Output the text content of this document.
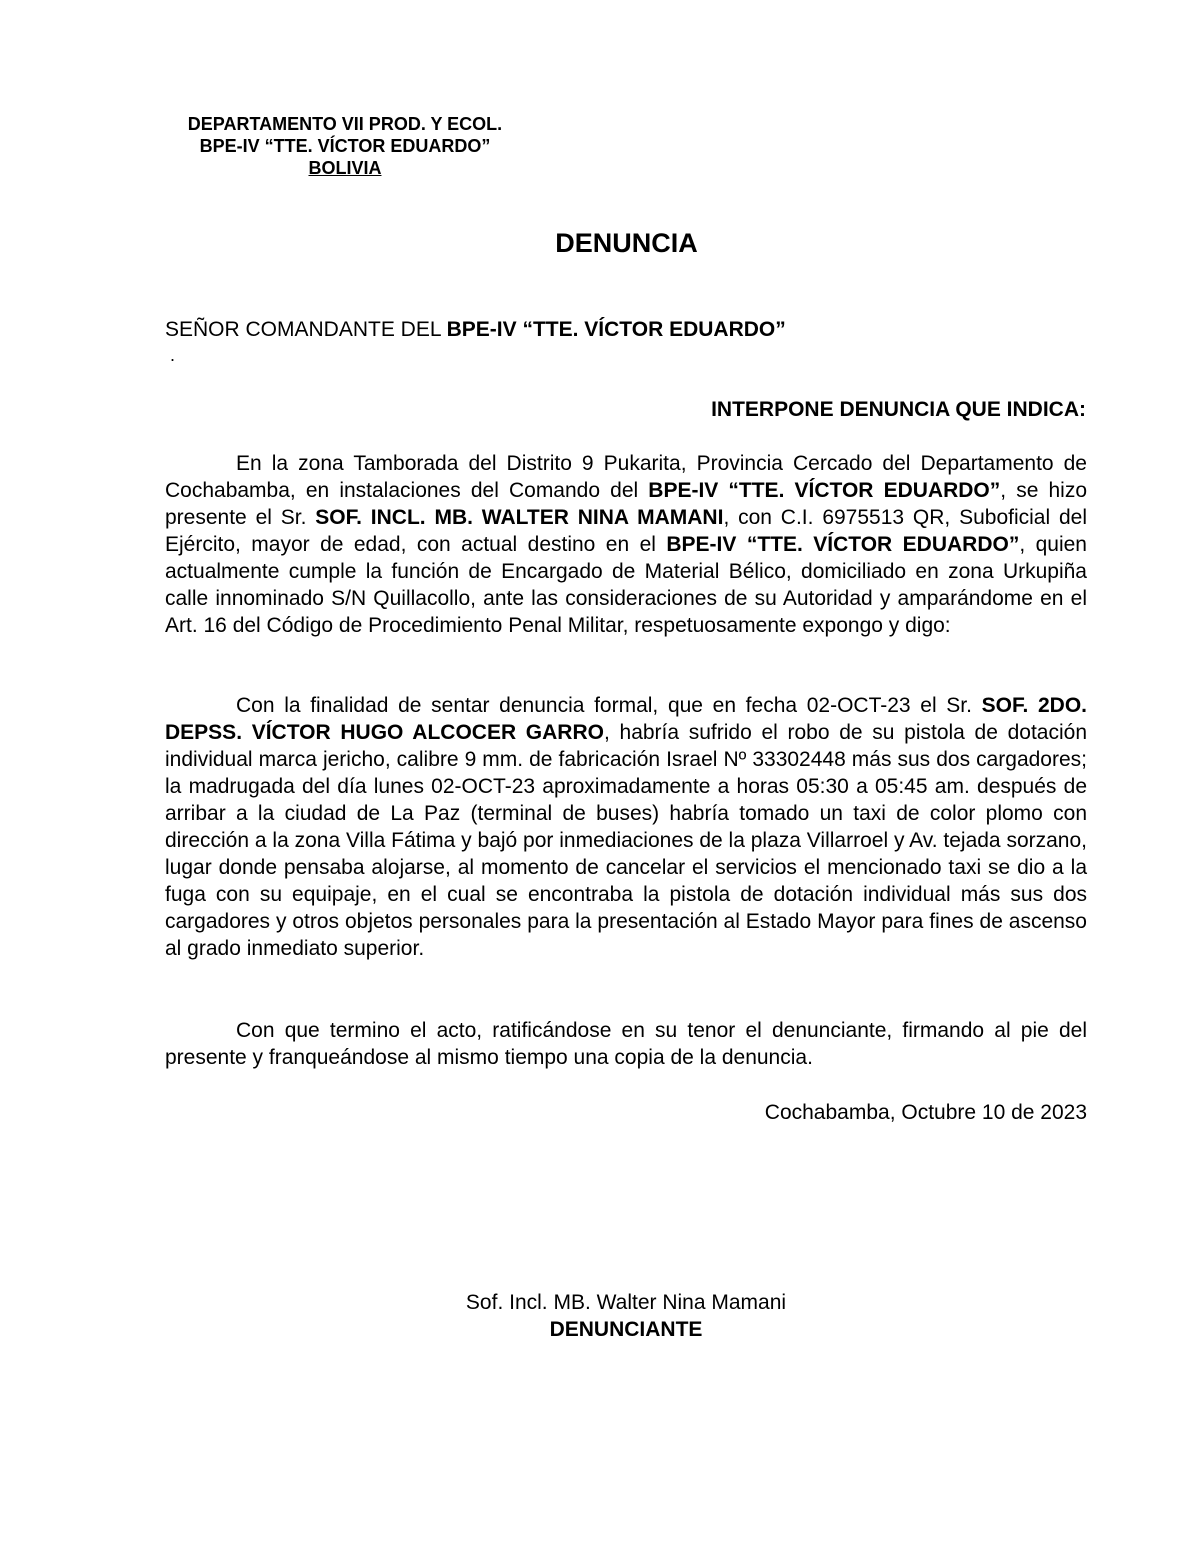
DEPARTAMENTO VII PROD. Y ECOL.
BPE-IV “TTE. VÍCTOR EDUARDO”
BOLIVIA
DENUNCIA
SEÑOR COMANDANTE DEL BPE-IV “TTE. VÍCTOR EDUARDO”
.
INTERPONE DENUNCIA QUE INDICA:

En la zona Tamborada del Distrito 9 Pukarita, Provincia Cercado del Departamento de Cochabamba, en instalaciones del Comando del BPE-IV “TTE. VÍCTOR EDUARDO”, se hizo presente el Sr. SOF. INCL. MB. WALTER NINA MAMANI, con C.I. 6975513 QR, Suboficial del Ejército, mayor de edad, con actual destino en el BPE-IV “TTE. VÍCTOR EDUARDO”, quien actualmente cumple la función de Encargado de Material Bélico, domiciliado en zona Urkupiña calle innominado S/N Quillacollo, ante las consideraciones de su Autoridad y amparándome en el Art. 16 del Código de Procedimiento Penal Militar, respetuosamente expongo y digo:

Con la finalidad de sentar denuncia formal, que en fecha 02-OCT-23 el Sr. SOF. 2DO. DEPSS. VÍCTOR HUGO ALCOCER GARRO, habría sufrido el robo de su pistola de dotación individual marca jericho, calibre 9 mm. de fabricación Israel Nº 33302448 más sus dos cargadores; la madrugada del día lunes 02-OCT-23 aproximadamente a horas 05:30 a 05:45 am. después de arribar a la ciudad de La Paz (terminal de buses) habría tomado un taxi de color plomo con dirección a la zona Villa Fátima y bajó por inmediaciones de la plaza Villarroel y Av. tejada sorzano, lugar donde pensaba alojarse, al momento de cancelar el servicios el mencionado taxi se dio a la fuga con su equipaje, en el cual se encontraba la pistola de dotación individual más sus dos cargadores y otros objetos personales para la presentación al Estado Mayor para fines de ascenso al grado inmediato superior.

Con que termino el acto, ratificándose en su tenor el denunciante, firmando al pie del presente y franqueándose al mismo tiempo una copia de la denuncia.

Cochabamba, Octubre 10 de 2023
Sof. Incl. MB. Walter Nina Mamani
DENUNCIANTE
